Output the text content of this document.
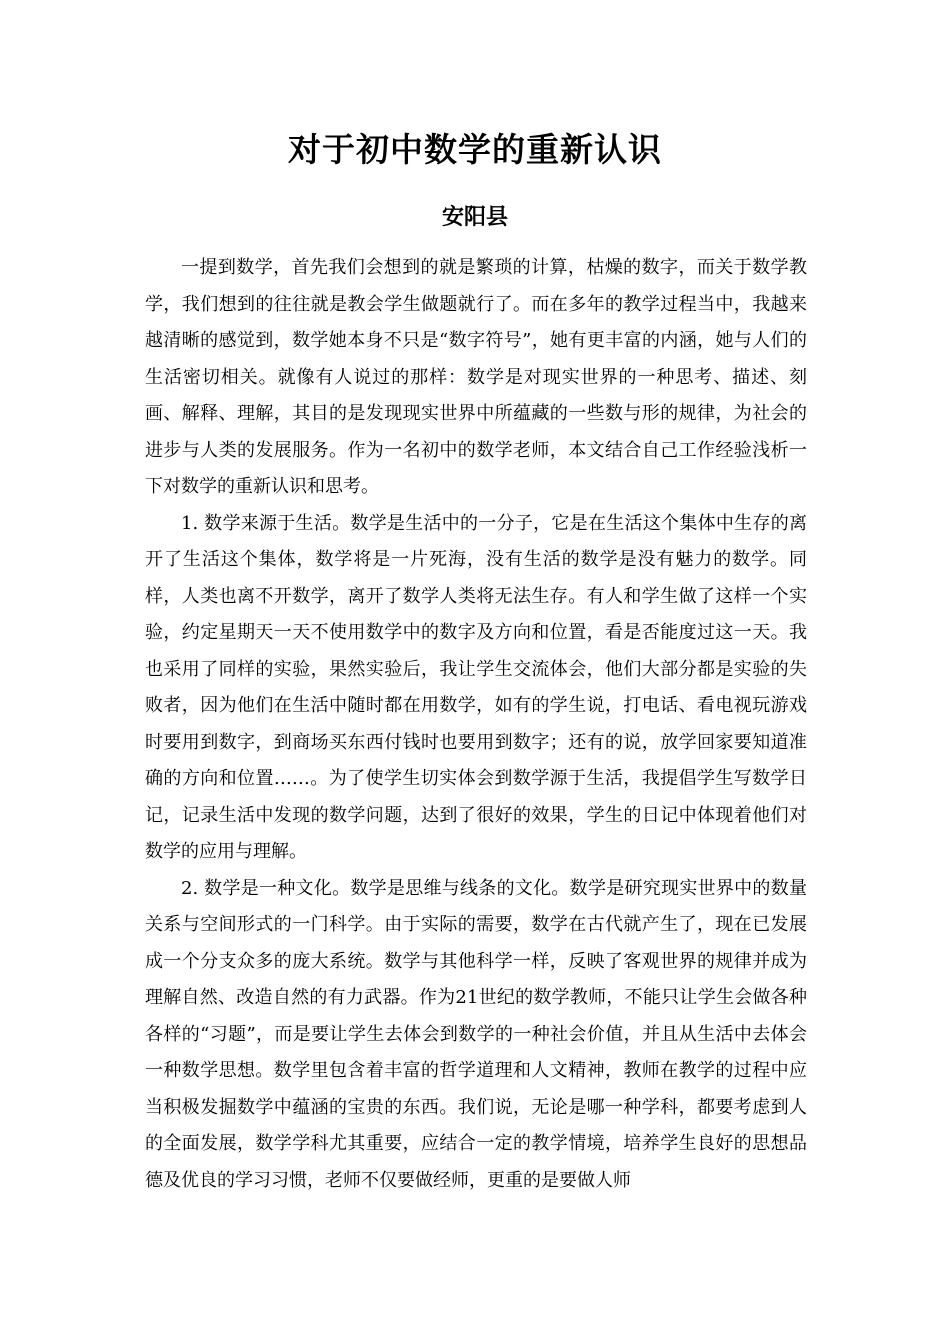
对于初中数学的重新认识
安阳县

一提到数学，首先我们会想到的就是繁琐的计算，枯燥的数字，而关于数学教学，我们想到的往往就是教会学生做题就行了。而在多年的教学过程当中，我越来越清晰的感觉到，数学她本身不只是“数字符号”，她有更丰富的内涵，她与人们的生活密切相关。就像有人说过的那样：数学是对现实世界的一种思考、描述、刻画、解释、理解，其目的是发现现实世界中所蕴藏的一些数与形的规律，为社会的进步与人类的发展服务。作为一名初中的数学老师，本文结合自己工作经验浅析一下对数学的重新认识和思考。

1. 数学来源于生活。数学是生活中的一分子，它是在生活这个集体中生存的离开了生活这个集体，数学将是一片死海，没有生活的数学是没有魅力的数学。同样，人类也离不开数学，离开了数学人类将无法生存。有人和学生做了这样一个实验，约定星期天一天不使用数学中的数字及方向和位置，看是否能度过这一天。我也采用了同样的实验，果然实验后，我让学生交流体会，他们大部分都是实验的失败者，因为他们在生活中随时都在用数学，如有的学生说，打电话、看电视玩游戏时要用到数字，到商场买东西付钱时也要用到数字；还有的说，放学回家要知道准确的方向和位置……。为了使学生切实体会到数学源于生活，我提倡学生写数学日记，记录生活中发现的数学问题，达到了很好的效果，学生的日记中体现着他们对数学的应用与理解。

2. 数学是一种文化。数学是思维与线条的文化。数学是研究现实世界中的数量关系与空间形式的一门科学。由于实际的需要，数学在古代就产生了，现在已发展成一个分支众多的庞大系统。数学与其他科学一样，反映了客观世界的规律并成为理解自然、改造自然的有力武器。作为21世纪的数学教师，不能只让学生会做各种各样的“习题”，而是要让学生去体会到数学的一种社会价值，并且从生活中去体会一种数学思想。数学里包含着丰富的哲学道理和人文精神，教师在教学的过程中应当积极发掘数学中蕴涵的宝贵的东西。我们说，无论是哪一种学科，都要考虑到人的全面发展，数学学科尤其重要，应结合一定的教学情境，培养学生良好的思想品德及优良的学习习惯，老师不仅要做经师，更重的是要做人师
